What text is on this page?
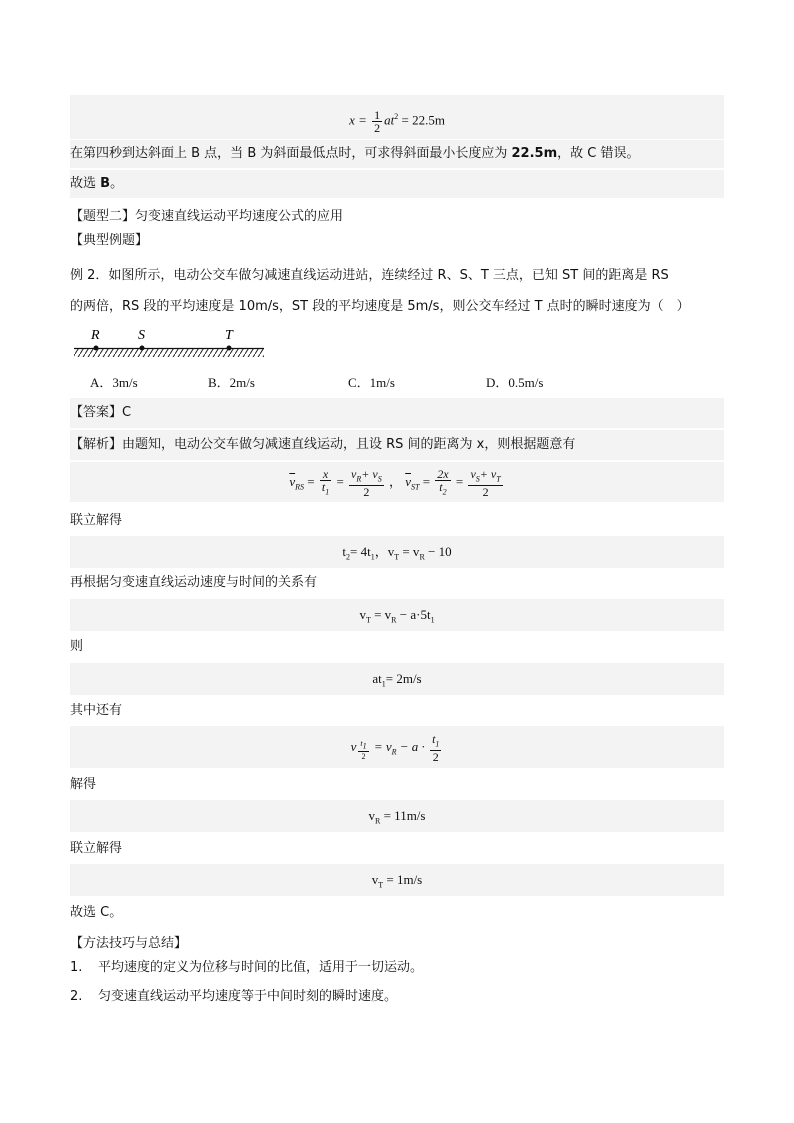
$x = \frac{1}{2} at^2 = 22.5m$
在第四秒到达斜面上 B 点，当 B 为斜面最低点时，可求得斜面最小长度应为 22.5m，故 C 错误。
故选 B。
【题型二】匀变速直线运动平均速度公式的应用
【典型例题】
例 2．如图所示，电动公交车做匀减速直线运动进站，连续经过 R、S、T 三点，已知 ST 间的距离是 RS
的两倍，RS 段的平均速度是 10m/s，ST 段的平均速度是 5m/s，则公交车经过 T 点时的瞬时速度为（　）
R	S	T
A．3m/s	B．2m/s	C．1m/s	D．0.5m/s
【答案】C
【解析】由题知，电动公交车做匀减速直线运动，且设 RS 间的距离为 x，则根据题意有
$\overline{v}_{RS} = \frac{x}{t_1} = \frac{v_R+ v_S}{2}$ ， $\overline{v}_{ST} = \frac{2x}{t_2} = \frac{v_S+ v_T}{2}$
联立解得
$t_2= 4t_1$，$v_T = v_R - 10$
再根据匀变速直线运动速度与时间的关系有
$v_T = v_R - a\cdot 5t_1$
则
$at_1= 2m/s$
其中还有
v $\frac{t_1}{2} = v_R - a \cdot \frac{t_1}{2}$
解得
$v_R = 11m/s$
联立解得
$v_T = 1m/s$
故选 C。
【方法技巧与总结】
1. 平均速度的定义为位移与时间的比值，适用于一切运动。
2. 匀变速直线运动平均速度等于中间时刻的瞬时速度。
